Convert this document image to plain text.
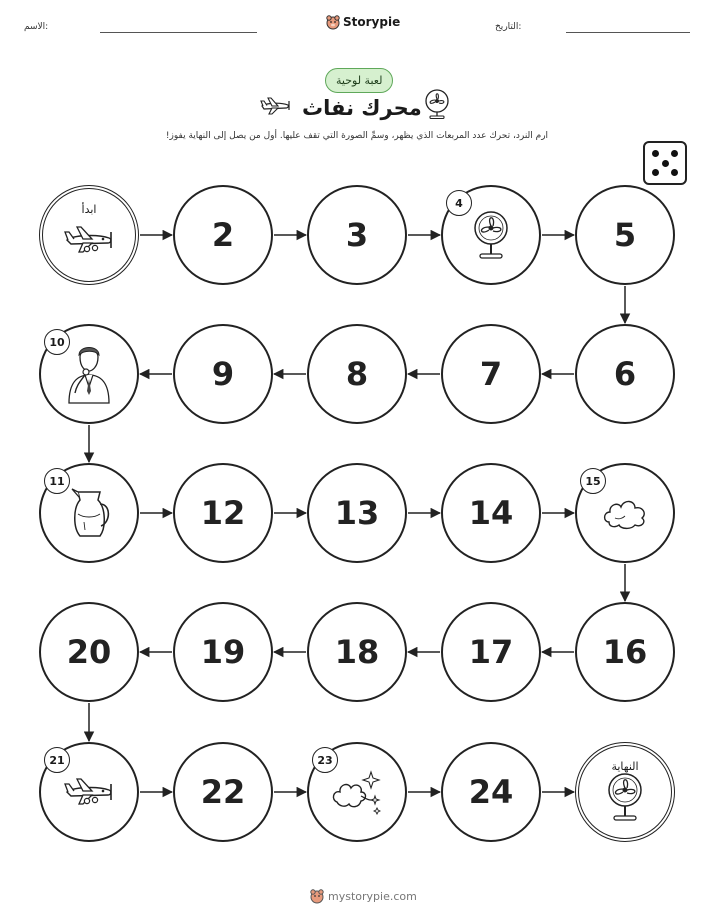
الاسم:	Storypie	التاريخ:
لعبة لوحية
محرك نفاث
ارم النرد، تحرك عدد المربعات الذي يظهر، وسمِّ الصورة التي تقف عليها. أول من يصل إلى النهاية يفوز!
ابدأ
2	3
4
5
6
7
8
9
10
11
12	13	14
15
16
17
18
19
20
21
22
23
24
النهاية
mystorypie.com
